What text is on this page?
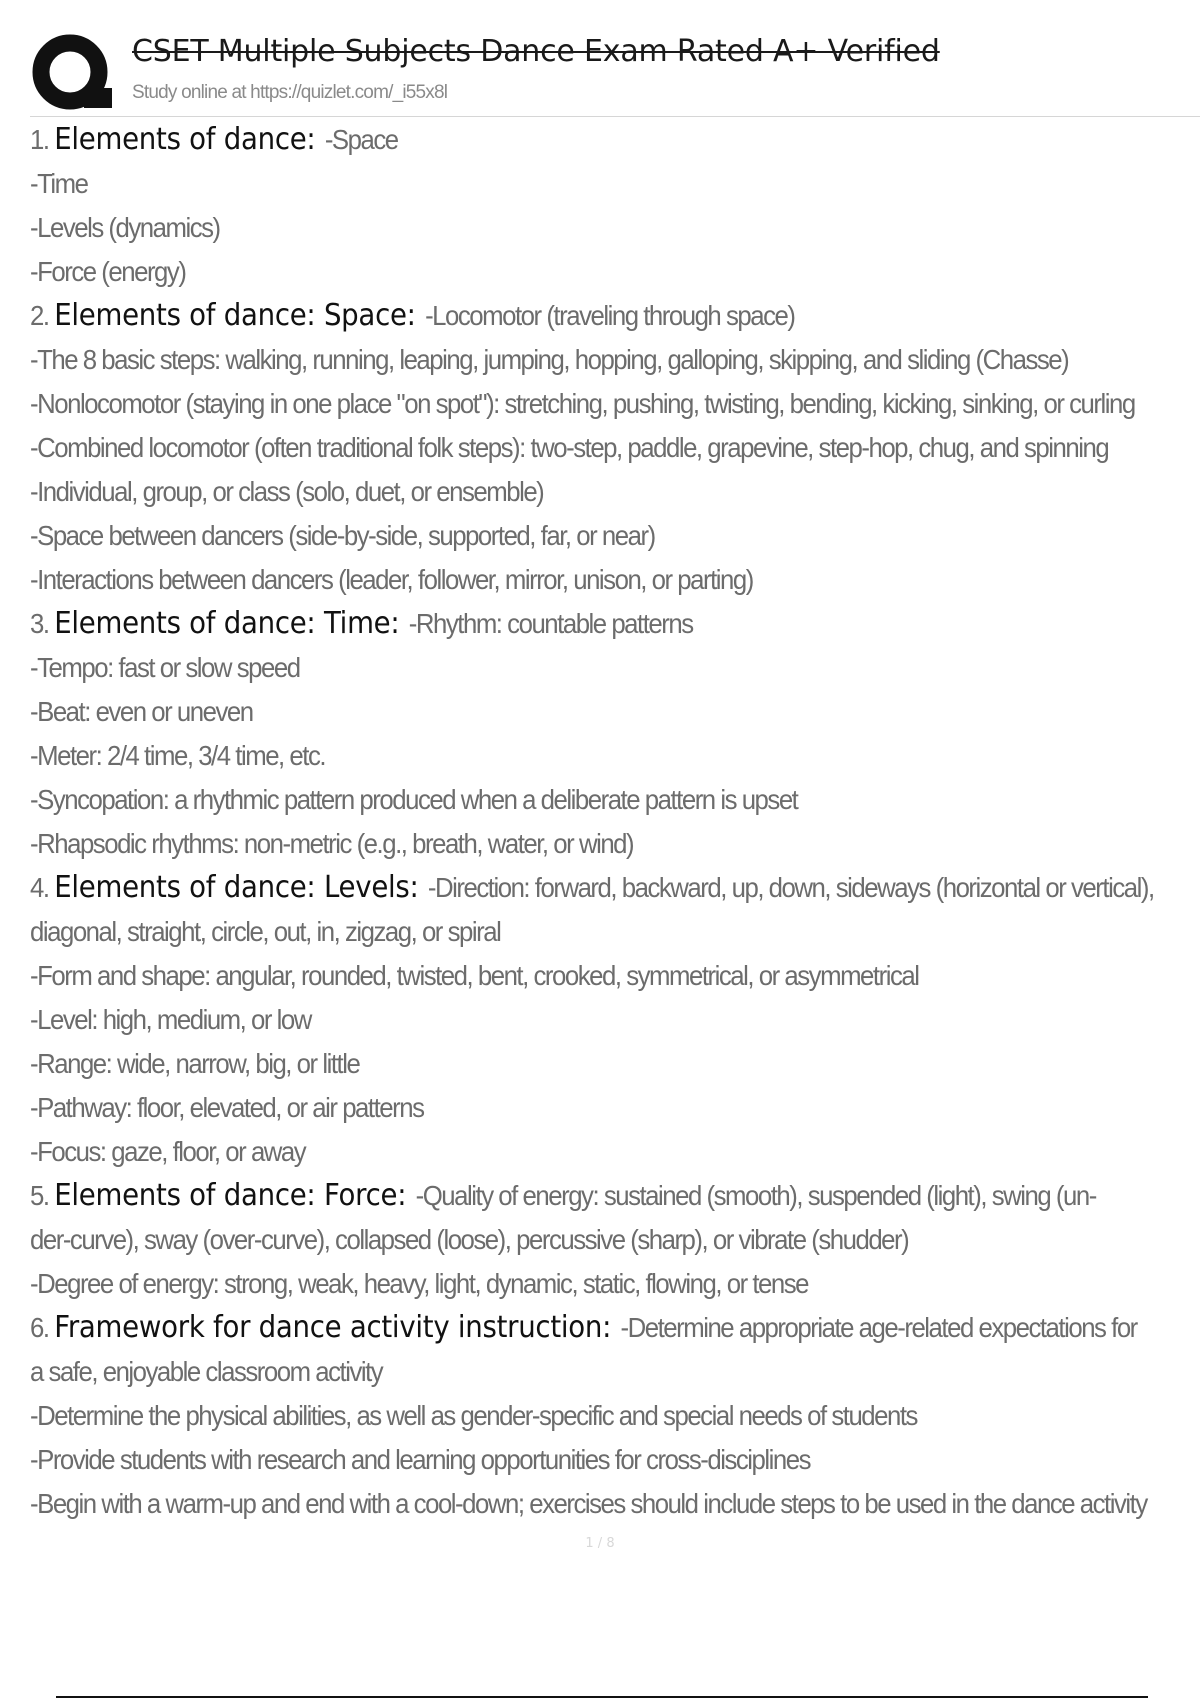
CSET Multiple Subjects Dance Exam Rated A+ Verified
Study online at https://quizlet.com/_i55x8l
1. Elements of dance: -Space
-Time
-Levels (dynamics)
-Force (energy)
2. Elements of dance: Space: -Locomotor (traveling through space)
-The 8 basic steps: walking, running, leaping, jumping, hopping, galloping, skipping, and sliding (Chasse)
-Nonlocomotor (staying in one place "on spot"): stretching, pushing, twisting, bending, kicking, sinking, or curling
-Combined locomotor (often traditional folk steps): two-step, paddle, grapevine, step-hop, chug, and spinning
-Individual, group, or class (solo, duet, or ensemble)
-Space between dancers (side-by-side, supported, far, or near)
-Interactions between dancers (leader, follower, mirror, unison, or parting)
3. Elements of dance: Time: -Rhythm: countable patterns
-Tempo: fast or slow speed
-Beat: even or uneven
-Meter: 2/4 time, 3/4 time, etc.
-Syncopation: a rhythmic pattern produced when a deliberate pattern is upset
-Rhapsodic rhythms: non-metric (e.g., breath, water, or wind)
4. Elements of dance: Levels: -Direction: forward, backward, up, down, sideways (horizontal or vertical),
diagonal, straight, circle, out, in, zigzag, or spiral
-Form and shape: angular, rounded, twisted, bent, crooked, symmetrical, or asymmetrical
-Level: high, medium, or low
-Range: wide, narrow, big, or little
-Pathway: floor, elevated, or air patterns
-Focus: gaze, floor, or away
5. Elements of dance: Force: -Quality of energy: sustained (smooth), suspended (light), swing (un-
der-curve), sway (over-curve), collapsed (loose), percussive (sharp), or vibrate (shudder)
-Degree of energy: strong, weak, heavy, light, dynamic, static, flowing, or tense
6. Framework for dance activity instruction: -Determine appropriate age-related expectations for
a safe, enjoyable classroom activity
-Determine the physical abilities, as well as gender-specific and special needs of students
-Provide students with research and learning opportunities for cross-disciplines
-Begin with a warm-up and end with a cool-down; exercises should include steps to be used in the dance activity
1 / 8
